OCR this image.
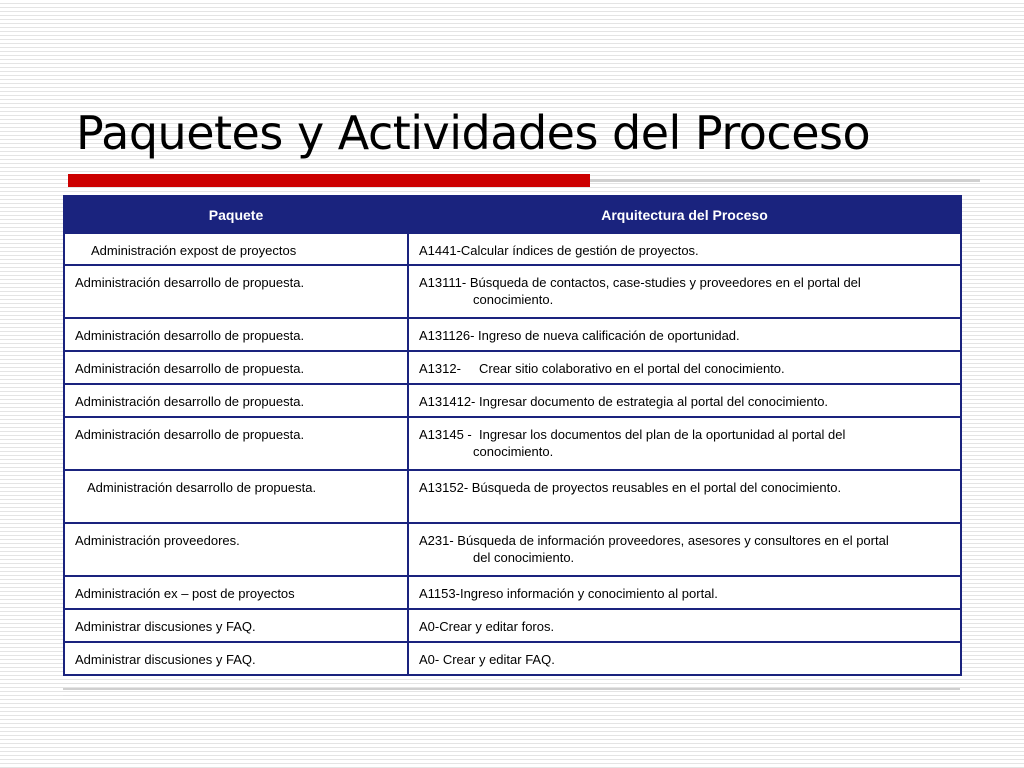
Paquetes y Actividades del Proceso
Paquete	Arquitectura del Proceso
Administración expost de proyectos	A1441-Calcular índices de gestión de proyectos.
Administración desarrollo de propuesta.	A13111- Búsqueda de contactos, case-studies y proveedores en el portal del
conocimiento.

Administración desarrollo de propuesta.	A131126- Ingreso de nueva calificación de oportunidad.
Administración desarrollo de propuesta.	A1312-     Crear sitio colaborativo en el portal del conocimiento.
Administración desarrollo de propuesta.	A131412- Ingresar documento de estrategia al portal del conocimiento.
Administración desarrollo de propuesta.	A13145 -  Ingresar los documentos del plan de la oportunidad al portal del
conocimiento.

Administración desarrollo de propuesta.	A13152- Búsqueda de proyectos reusables en el portal del conocimiento.
Administración proveedores.	A231- Búsqueda de información proveedores, asesores y consultores en el portal
del conocimiento.

Administración ex – post de proyectos	A1153-Ingreso información y conocimiento al portal.
Administrar discusiones y FAQ.	A0-Crear y editar foros.
Administrar discusiones y FAQ.	A0- Crear y editar FAQ.
